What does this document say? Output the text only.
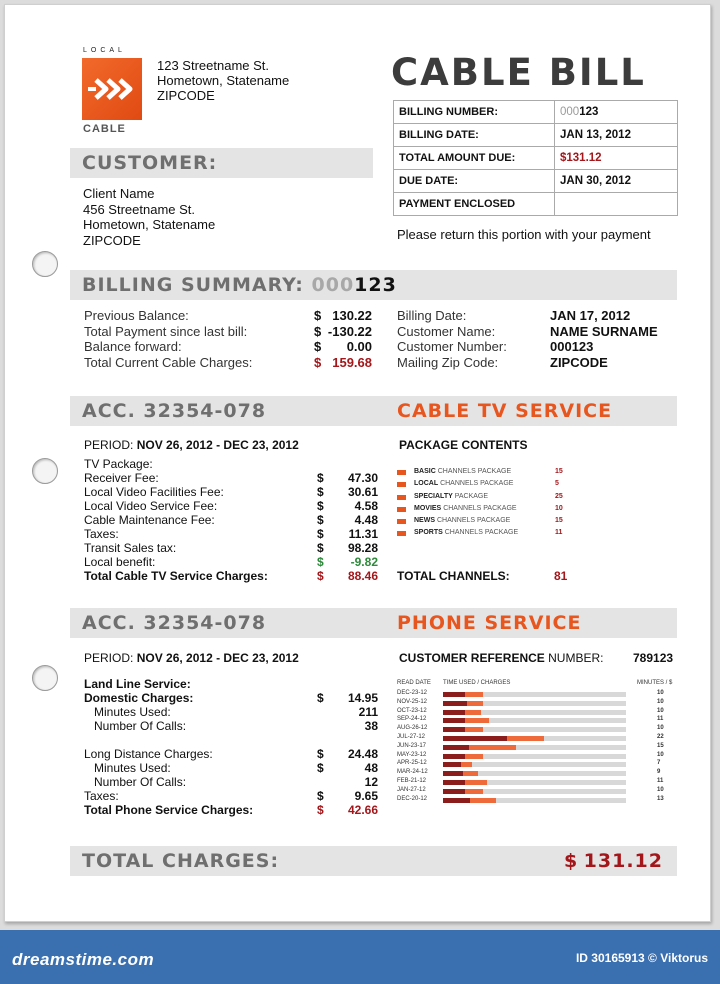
LOCAL
CABLE
123 Streetname St.
Hometown, Statename
ZIPCODE
CABLE BILL
BILLING NUMBER:	000123
BILLING DATE:	JAN 13, 2012
TOTAL AMOUNT DUE:	$131.12
DUE DATE:	JAN 30, 2012
PAYMENT ENCLOSED	
Please return this portion with your payment
CUSTOMER:
Client Name
456 Streetname St.
Hometown, Statename
ZIPCODE
BILLING SUMMARY: 000123
Previous Balance:	$ 130.22
Total Payment since last bill:	$ -130.22
Balance forward:	$ 0.00
Total Current Cable Charges:	$ 159.68
Billing Date:	JAN 17, 2012
Customer Name:	NAME SURNAME
Customer Number:	000123
Mailing Zip Code:	ZIPCODE
ACC. 32354-078	CABLE TV SERVICE
PERIOD: NOV 26, 2012 - DEC 23, 2012	PACKAGE CONTENTS
TV Package:
Receiver Fee:	$ 47.30
Local Video Facilities Fee:	$ 30.61
Local Video Service Fee:	$	4.58
Cable Maintenance Fee:	$	4.48
Taxes:	$ 11.31
Transit Sales tax:	$ 98.28
Local benefit:	$ -9.82
Total Cable TV Service Charges:	$ 88.46
BASIC CHANNELS PACKAGE	15
LOCAL CHANNELS PACKAGE	5
SPECIALTY PACKAGE	25
MOVIES CHANNELS PACKAGE	10
NEWS CHANNELS PACKAGE	15
SPORTS CHANNELS PACKAGE	11
TOTAL CHANNELS:	81
ACC. 32354-078	PHONE SERVICE
PERIOD: NOV 26, 2012 - DEC 23, 2012	CUSTOMER REFERENCE NUMBER: 789123
Land Line Service:
Domestic Charges:	$ 14.95
Minutes Used:	211
Number Of Calls:	38
Long Distance Charges:	$ 24.48
Minutes Used:	$	48
Number Of Calls:	12
Taxes:	$	9.65
Total Phone Service Charges:	$ 42.66
READ DATE TIME USED / CHARGES	MINUTES / $
DEC-23-12	10
NOV-25-12	10
OCT-23-12	10
SEP-24-12	11
AUG-26-12	10
JUL-27-12	22
JUN-23-17	15
MAY-23-12	10
APR-25-12	7
MAR-24-12	9
FEB-21-12	11
JAN-27-12	10
DEC-20-12	13
TOTAL CHARGES:	$ 131.12
dreamstime.com	ID 30165913 © Viktorus
